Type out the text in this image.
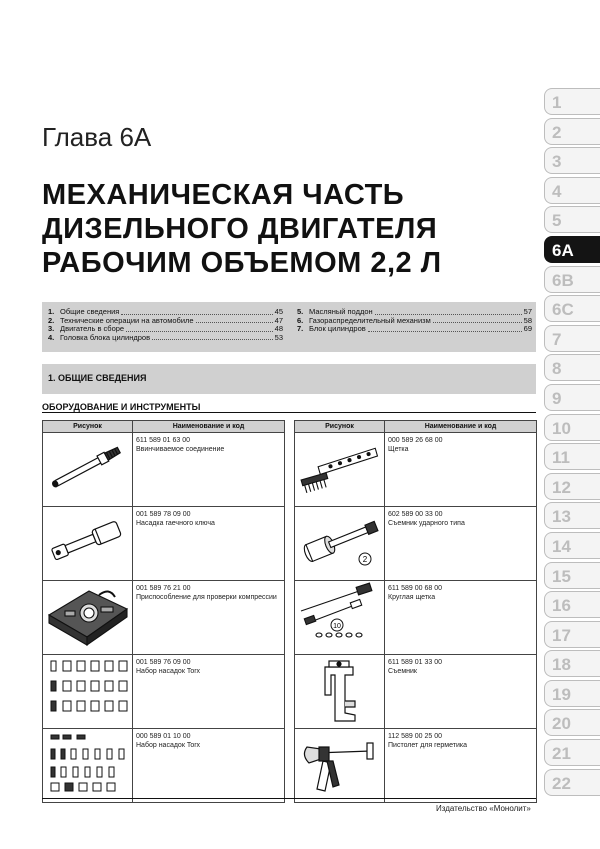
Глава 6А
МЕХАНИЧЕСКАЯ ЧАСТЬ
ДИЗЕЛЬНОГО ДВИГАТЕЛЯ
РАБОЧИМ ОБЪЕМОМ 2,2 Л
1. Общие сведения	45
2. Технические операции на автомобиле	47
3. Двигатель в сборе	48
4. Головка блока цилиндров	53
5. Масляный поддон	57
6. Газораспределительный механизм	58
7. Блок цилиндров	69
1. ОБЩИЕ СВЕДЕНИЯ
ОБОРУДОВАНИЕ И ИНСТРУМЕНТЫ
Рисунок	Наименование и код

611 589 01 63 00
Ввинчиваемое соединение

001 589 78 09 00
Насадка гаечного ключа

001 589 76 21 00
Приспособление для проверки компрессии

001 589 76 09 00
Набор насадок Torx

000 589 01 10 00
Набор насадок Torx
Рисунок	Наименование и код

000 589 26 68 00
Щетка

2	602 589 00 33 00
Съемник ударного типа

10	611 589 00 68 00
Круглая щетка

611 589 01 33 00
Съемник

112 589 00 25 00
Пистолет для герметика
Издательство «Монолит»
1
2
3
4
5
6A
6B
6C
7
8
9
10
11
12
13
14
15
16
17
18
19
20
21
22
